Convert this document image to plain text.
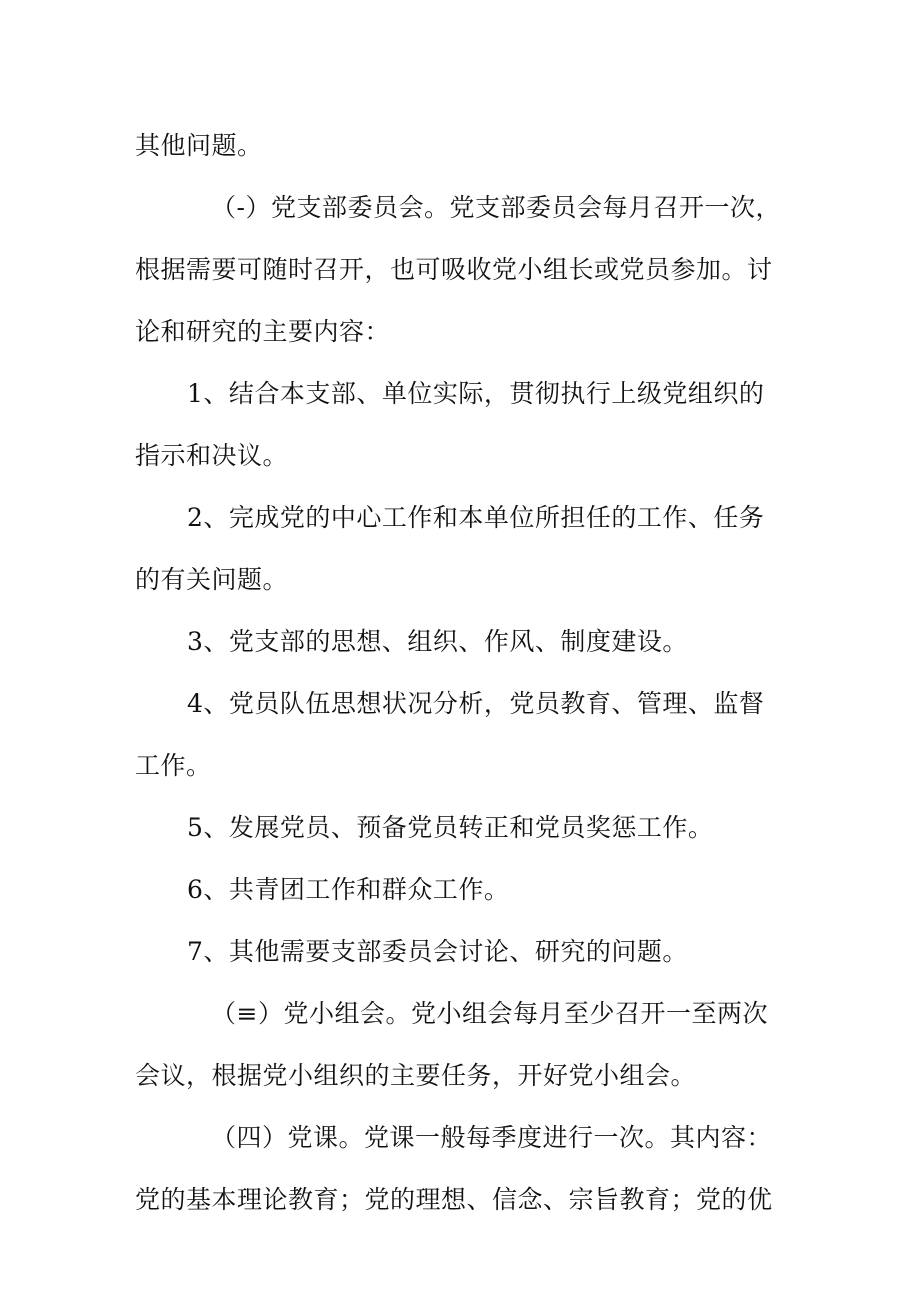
其他问题。
（-）党支部委员会。党支部委员会每月召开一次，
根据需要可随时召开，也可吸收党小组长或党员参加。讨
论和研究的主要内容：
1、结合本支部、单位实际，贯彻执行上级党组织的
指示和决议。
2、完成党的中心工作和本单位所担任的工作、任务
的有关问题。
3、党支部的思想、组织、作风、制度建设。
4、党员队伍思想状况分析，党员教育、管理、监督
工作。
5、发展党员、预备党员转正和党员奖惩工作。
6、共青团工作和群众工作。
7、其他需要支部委员会讨论、研究的问题。
（≡）党小组会。党小组会每月至少召开一至两次
会议，根据党小组织的主要任务，开好党小组会。
（四）党课。党课一般每季度进行一次。其内容：
党的基本理论教育；党的理想、信念、宗旨教育；党的优
